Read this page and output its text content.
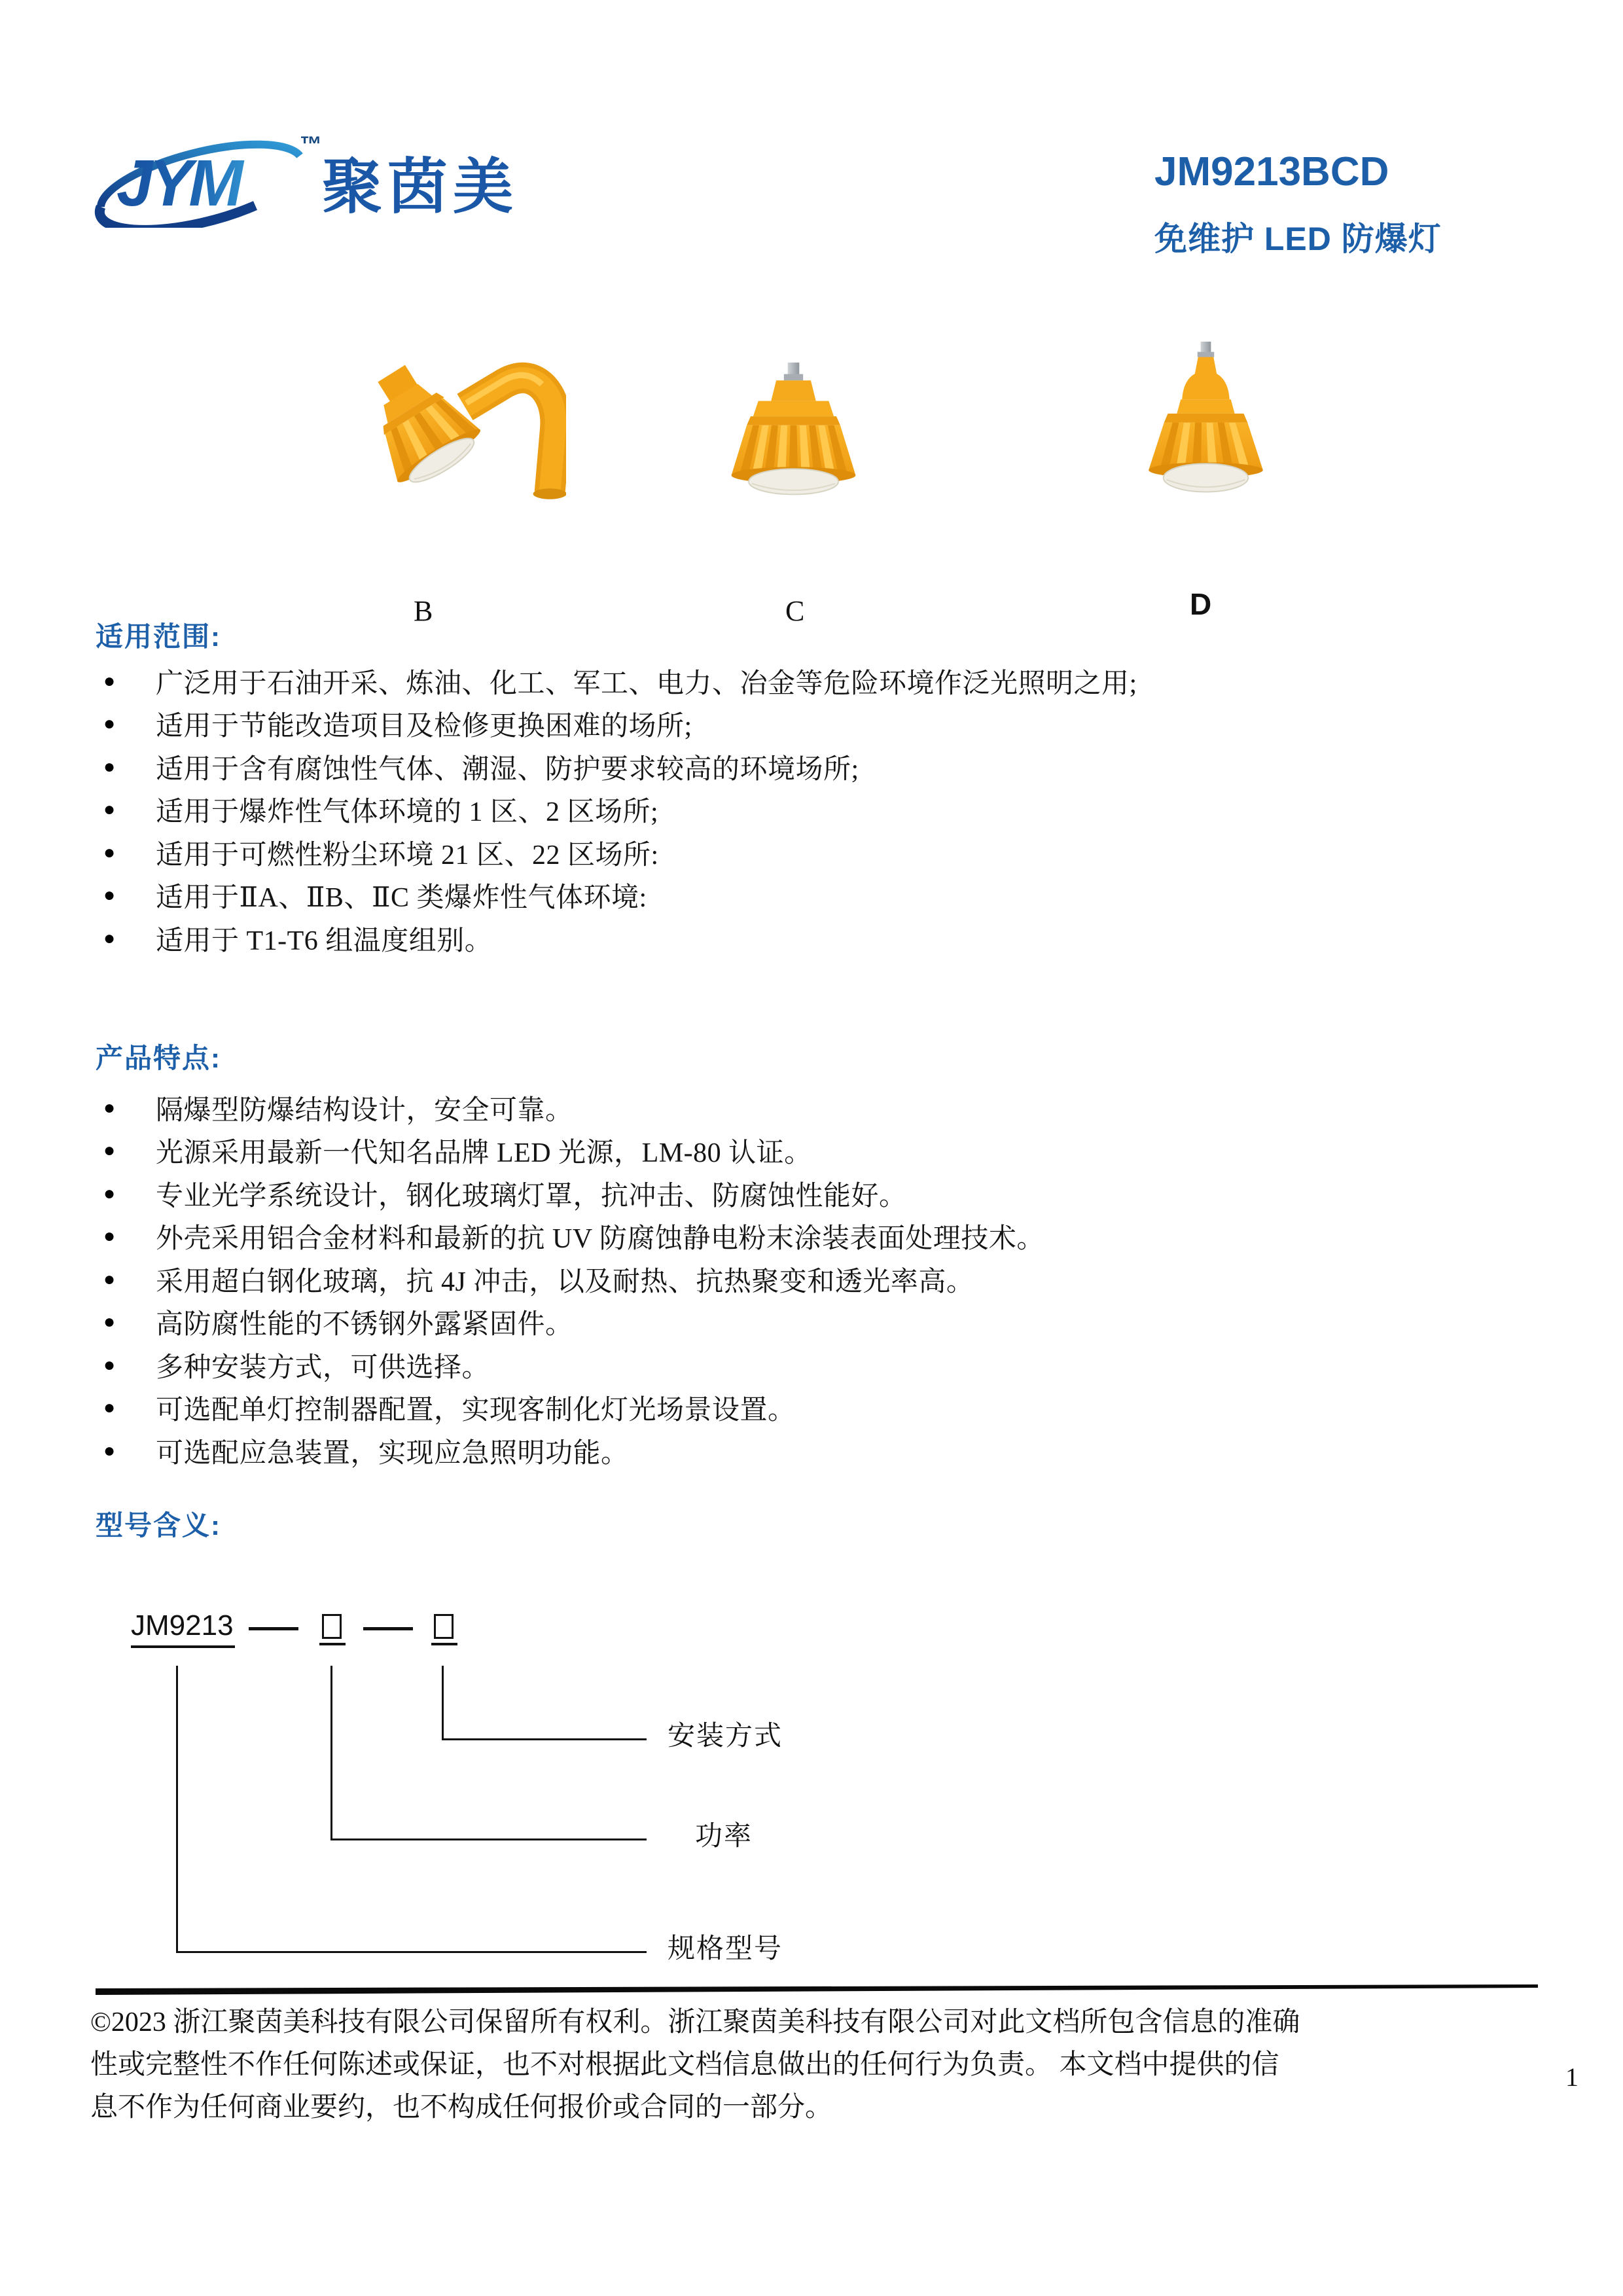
JYM
™
聚茵美	JM9213BCD
免维护 LED 防爆灯
B	C	D
适用范围:
●	广泛用于石油开采、炼油、化工、军工、电力、冶金等危险环境作泛光照明之用;
●	适用于节能改造项目及检修更换困难的场所;
●	适用于含有腐蚀性气体、潮湿、防护要求较高的环境场所;
●	适用于爆炸性气体环境的 1 区、2 区场所;
●	适用于可燃性粉尘环境 21 区、22 区场所:
●	适用于ⅡA、ⅡB、ⅡC 类爆炸性气体环境:
●	适用于 T1-T6 组温度组别。
产品特点:
●	隔爆型防爆结构设计，安全可靠。
●	光源采用最新一代知名品牌 LED 光源，LM-80 认证。
●	专业光学系统设计，钢化玻璃灯罩，抗冲击、防腐蚀性能好。
●	外壳采用铝合金材料和最新的抗 UV 防腐蚀静电粉末涂装表面处理技术。
●	采用超白钢化玻璃，抗 4J 冲击，以及耐热、抗热聚变和透光率高。
●	高防腐性能的不锈钢外露紧固件。
●	多种安装方式，可供选择。
●	可选配单灯控制器配置，实现客制化灯光场景设置。
●	可选配应急装置，实现应急照明功能。
型号含义:
JM9213
安装方式
功率
规格型号
©2023 浙江聚茵美科技有限公司保留所有权利。浙江聚茵美科技有限公司对此文档所包含信息的准确
性或完整性不作任何陈述或保证，也不对根据此文档信息做出的任何行为负责。 本文档中提供的信
息不作为任何商业要约，也不构成任何报价或合同的一部分。
1
